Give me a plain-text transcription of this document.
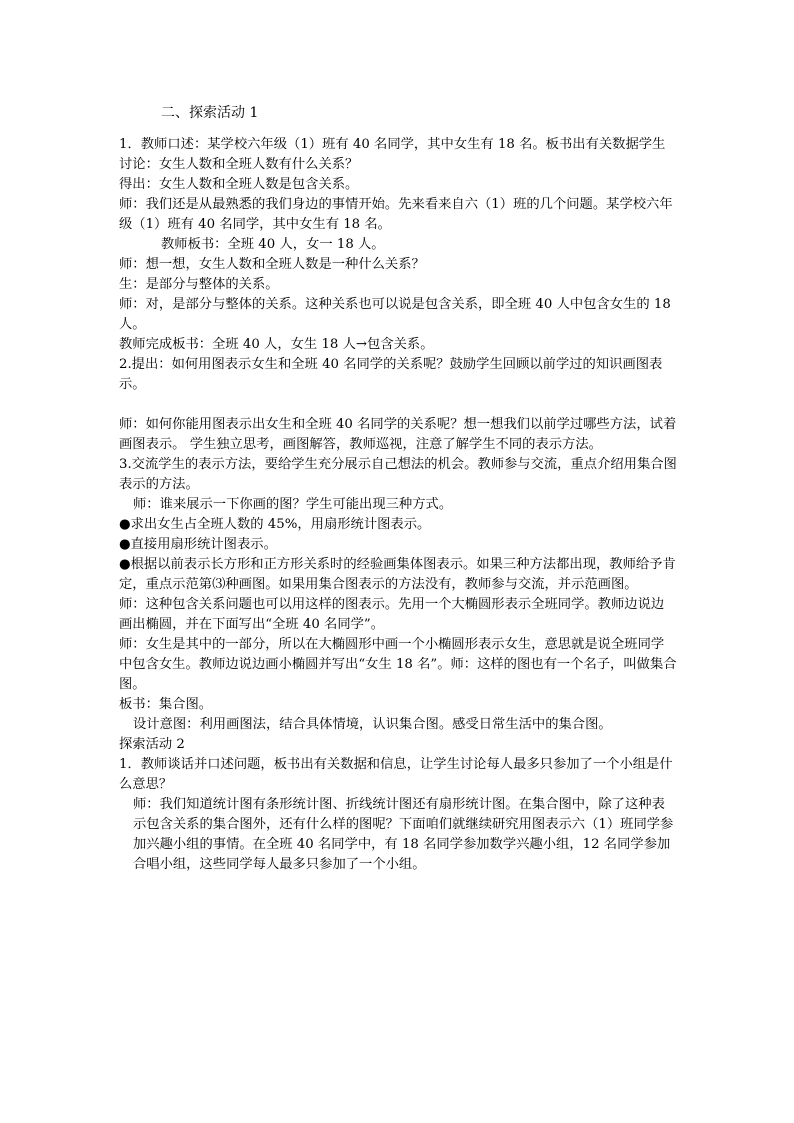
二、探索活动 1

1．教师口述：某学校六年级（1）班有 40 名同学，其中女生有 18 名。板书出有关数据学生讨论：女生人数和全班人数有什么关系？

得出：女生人数和全班人数是包含关系。

师：我们还是从最熟悉的我们身边的事情开始。先来看来自六（1）班的几个问题。某学校六年级（1）班有 40 名同学，其中女生有 18 名。

教师板书：全班 40 人，女一 18 人。

师：想一想，女生人数和全班人数是一种什么关系？

生：是部分与整体的关系。

师：对，是部分与整体的关系。这种关系也可以说是包含关系，即全班 40 人中包含女生的 18 人。

教师完成板书：全班 40 人，女生 18 人→包含关系。

2.提出：如何用图表示女生和全班 40 名同学的关系呢？鼓励学生回顾以前学过的知识画图表示。

师：如何你能用图表示出女生和全班 40 名同学的关系呢？想一想我们以前学过哪些方法，试着画图表示。 学生独立思考，画图解答，教师巡视，注意了解学生不同的表示方法。

3.交流学生的表示方法，要给学生充分展示自己想法的机会。教师参与交流，重点介绍用集合图表示的方法。

师：谁来展示一下你画的图？学生可能出现三种方式。

●求出女生占全班人数的 45%，用扇形统计图表示。

●直接用扇形统计图表示。

●根据以前表示长方形和正方形关系时的经验画集体图表示。如果三种方法都出现，教师给予肯定，重点示范第⑶种画图。如果用集合图表示的方法没有，教师参与交流，并示范画图。

师：这种包含关系问题也可以用这样的图表示。先用一个大椭圆形表示全班同学。教师边说边画出椭圆，并在下面写出“全班 40 名同学”。

师：女生是其中的一部分，所以在大椭圆形中画一个小椭圆形表示女生，意思就是说全班同学中包含女生。教师边说边画小椭圆并写出“女生 18 名”。师：这样的图也有一个名子，叫做集合图。

板书：集合图。

设计意图：利用画图法，结合具体情境，认识集合图。感受日常生活中的集合图。

探索活动 2

1．教师谈话并口述问题，板书出有关数据和信息，让学生讨论每人最多只参加了一个小组是什么意思？

师：我们知道统计图有条形统计图、折线统计图还有扇形统计图。在集合图中，除了这种表示包含关系的集合图外，还有什么样的图呢？下面咱们就继续研究用图表示六（1）班同学参加兴趣小组的事情。在全班 40 名同学中，有 18 名同学参加数学兴趣小组，12 名同学参加合唱小组，这些同学每人最多只参加了一个小组。
